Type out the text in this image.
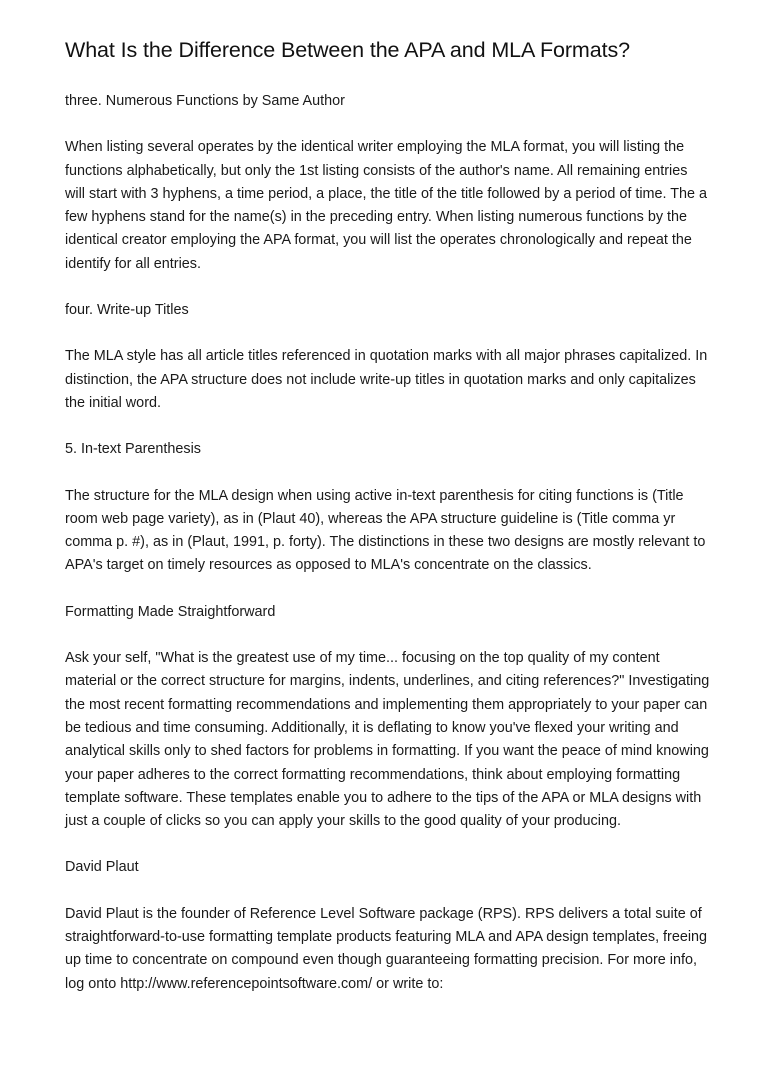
What Is the Difference Between the APA and MLA Formats?

three. Numerous Functions by Same Author

When listing several operates by the identical writer employing the MLA format, you will listing the functions alphabetically, but only the 1st listing consists of the author's name. All remaining entries will start with 3 hyphens, a time period, a place, the title of the title followed by a period of time. The a few hyphens stand for the name(s) in the preceding entry. When listing numerous functions by the identical creator employing the APA format, you will list the operates chronologically and repeat the identify for all entries.

four. Write-up Titles

The MLA style has all article titles referenced in quotation marks with all major phrases capitalized. In distinction, the APA structure does not include write-up titles in quotation marks and only capitalizes the initial word.

5. In-text Parenthesis

The structure for the MLA design when using active in-text parenthesis for citing functions is (Title room web page variety), as in (Plaut 40), whereas the APA structure guideline is (Title comma yr comma p. #), as in (Plaut, 1991, p. forty). The distinctions in these two designs are mostly relevant to APA's target on timely resources as opposed to MLA's concentrate on the classics.

Formatting Made Straightforward

Ask your self, "What is the greatest use of my time... focusing on the top quality of my content material or the correct structure for margins, indents, underlines, and citing references?" Investigating the most recent formatting recommendations and implementing them appropriately to your paper can be tedious and time consuming. Additionally, it is deflating to know you've flexed your writing and analytical skills only to shed factors for problems in formatting. If you want the peace of mind knowing your paper adheres to the correct formatting recommendations, think about employing formatting template software. These templates enable you to adhere to the tips of the APA or MLA designs with just a couple of clicks so you can apply your skills to the good quality of your producing.

David Plaut

David Plaut is the founder of Reference Level Software package (RPS). RPS delivers a total suite of straightforward-to-use formatting template products featuring MLA and APA design templates, freeing up time to concentrate on compound even though guaranteeing formatting precision. For more info, log onto http://www.referencepointsoftware.com/ or write to:
